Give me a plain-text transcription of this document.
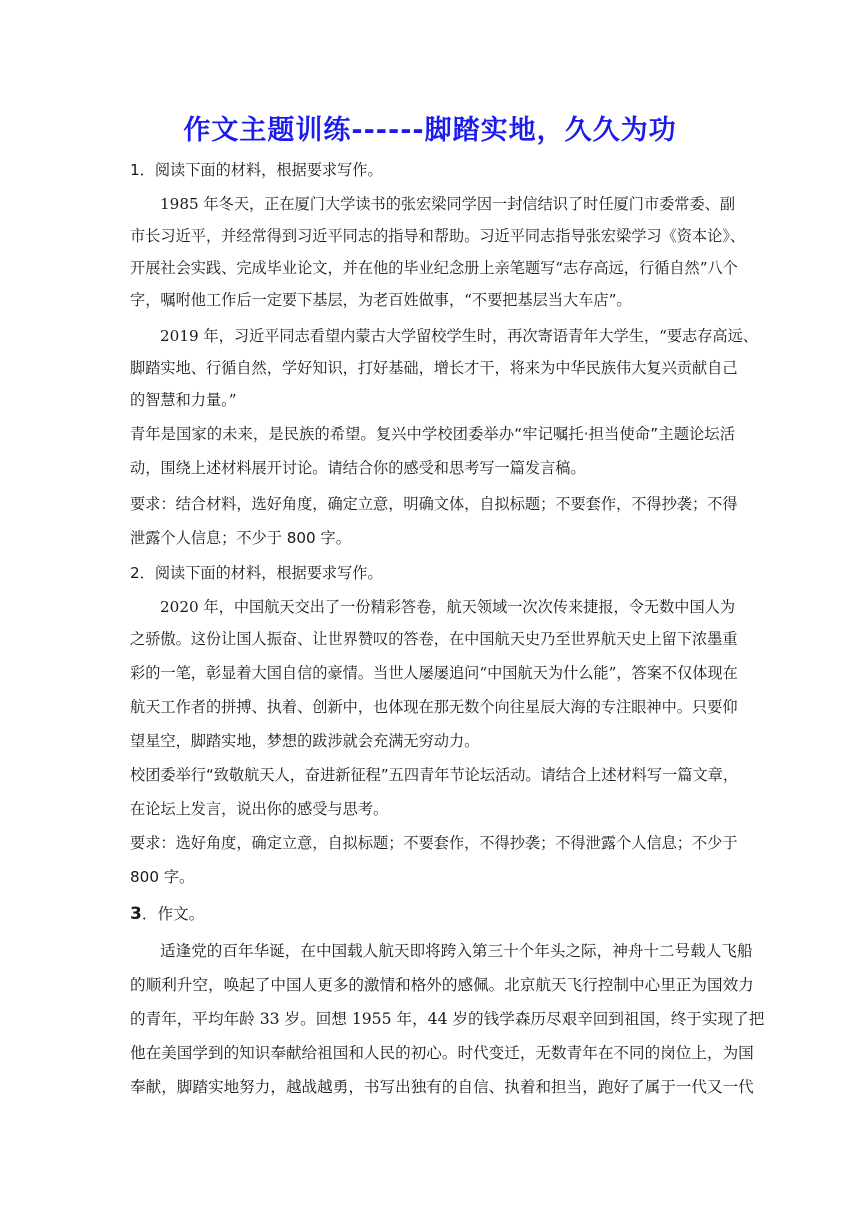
作文主题训练------脚踏实地，久久为功
1．阅读下面的材料，根据要求写作。
1985 年冬天，正在厦门大学读书的张宏梁同学因一封信结识了时任厦门市委常委、副
市长习近平，并经常得到习近平同志的指导和帮助。习近平同志指导张宏梁学习《资本论》、
开展社会实践、完成毕业论文，并在他的毕业纪念册上亲笔题写“志存高远，行循自然”八个
字，嘱咐他工作后一定要下基层，为老百姓做事，“不要把基层当大车店”。
2019 年，习近平同志看望内蒙古大学留校学生时，再次寄语青年大学生，“要志存高远、
脚踏实地、行循自然，学好知识，打好基础，增长才干，将来为中华民族伟大复兴贡献自己
的智慧和力量。”
青年是国家的未来，是民族的希望。复兴中学校团委举办“牢记嘱托·担当使命”主题论坛活
动，围绕上述材料展开讨论。请结合你的感受和思考写一篇发言稿。
要求：结合材料，选好角度，确定立意，明确文体，自拟标题；不要套作，不得抄袭；不得
泄露个人信息；不少于 800 字。
2．阅读下面的材料，根据要求写作。
2020 年，中国航天交出了一份精彩答卷，航天领域一次次传来捷报，令无数中国人为
之骄傲。这份让国人振奋、让世界赞叹的答卷，在中国航天史乃至世界航天史上留下浓墨重
彩的一笔，彰显着大国自信的豪情。当世人屡屡追问“中国航天为什么能”，答案不仅体现在
航天工作者的拼搏、执着、创新中，也体现在那无数个向往星辰大海的专注眼神中。只要仰
望星空，脚踏实地，梦想的跋涉就会充满无穷动力。
校团委举行“致敬航天人，奋进新征程”五四青年节论坛活动。请结合上述材料写一篇文章，
在论坛上发言，说出你的感受与思考。
要求：选好角度，确定立意，自拟标题；不要套作，不得抄袭；不得泄露个人信息；不少于
800 字。
3．作文。
适逢党的百年华诞，在中国载人航天即将跨入第三十个年头之际，神舟十二号载人飞船
的顺利升空，唤起了中国人更多的激情和格外的感佩。北京航天飞行控制中心里正为国效力
的青年，平均年龄 33 岁。回想 1955 年，44 岁的钱学森历尽艰辛回到祖国，终于实现了把
他在美国学到的知识奉献给祖国和人民的初心。时代变迁，无数青年在不同的岗位上，为国
奉献，脚踏实地努力，越战越勇，书写出独有的自信、执着和担当，跑好了属于一代又一代
